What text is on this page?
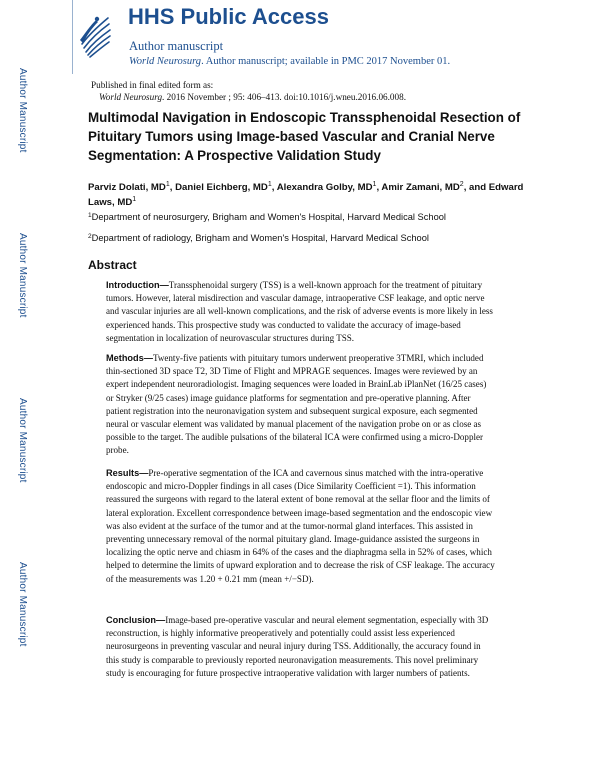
Author Manuscript
Author Manuscript
Author Manuscript
Author Manuscript
HHS Public Access
Author manuscript
World Neurosurg. Author manuscript; available in PMC 2017 November 01.
Published in final edited form as:
World Neurosurg. 2016 November ; 95: 406–413. doi:10.1016/j.wneu.2016.06.008.
Multimodal Navigation in Endoscopic Transsphenoidal Resection of Pituitary Tumors using Image-based Vascular and Cranial Nerve Segmentation: A Prospective Validation Study
Parviz Dolati, $MD^1$, Daniel Eichberg, $MD^1$, Alexandra Golby, $MD^1$, Amir Zamani, $MD^2$, and Edward Laws, $MD^1$
$^1$Department of neurosurgery, Brigham and Women's Hospital, Harvard Medical School
$^2$Department of radiology, Brigham and Women's Hospital, Harvard Medical School
Abstract
Introduction—Transsphenoidal surgery (TSS) is a well-known approach for the treatment of pituitary tumors. However, lateral misdirection and vascular damage, intraoperative CSF leakage, and optic nerve and vascular injuries are all well-known complications, and the risk of adverse events is more likely in less experienced hands. This prospective study was conducted to validate the accuracy of image-based segmentation in localization of neurovascular structures during TSS.
Methods—Twenty-five patients with pituitary tumors underwent preoperative 3TMRI, which included thin-sectioned 3D space T2, 3D Time of Flight and MPRAGE sequences. Images were reviewed by an expert independent neuroradiologist. Imaging sequences were loaded in BrainLab iPlanNet (16/25 cases) or Stryker (9/25 cases) image guidance platforms for segmentation and pre-operative planning. After patient registration into the neuronavigation system and subsequent surgical exposure, each segmented neural or vascular element was validated by manual placement of the navigation probe on or as close as possible to the target. The audible pulsations of the bilateral ICA were confirmed using a micro-Doppler probe.
Results—Pre-operative segmentation of the ICA and cavernous sinus matched with the intra-operative endoscopic and micro-Doppler findings in all cases (Dice Similarity Coefficient =1). This information reassured the surgeons with regard to the lateral extent of bone removal at the sellar floor and the limits of lateral exploration. Excellent correspondence between image-based segmentation and the endoscopic view was also evident at the surface of the tumor and at the tumor-normal gland interfaces. This assisted in preventing unnecessary removal of the normal pituitary gland. Image-guidance assisted the surgeons in localizing the optic nerve and chiasm in 64% of the cases and the diaphragma sella in 52% of cases, which helped to determine the limits of upward exploration and to decrease the risk of CSF leakage. The accuracy of the measurements was 1.20 + 0.21 mm (mean +/−SD).
Conclusion—Image-based pre-operative vascular and neural element segmentation, especially with 3D reconstruction, is highly informative preoperatively and potentially could assist less experienced neurosurgeons in preventing vascular and neural injury during TSS. Additionally, the accuracy found in this study is comparable to previously reported neuronavigation measurements. This novel preliminary study is encouraging for future prospective intraoperative validation with larger numbers of patients.
